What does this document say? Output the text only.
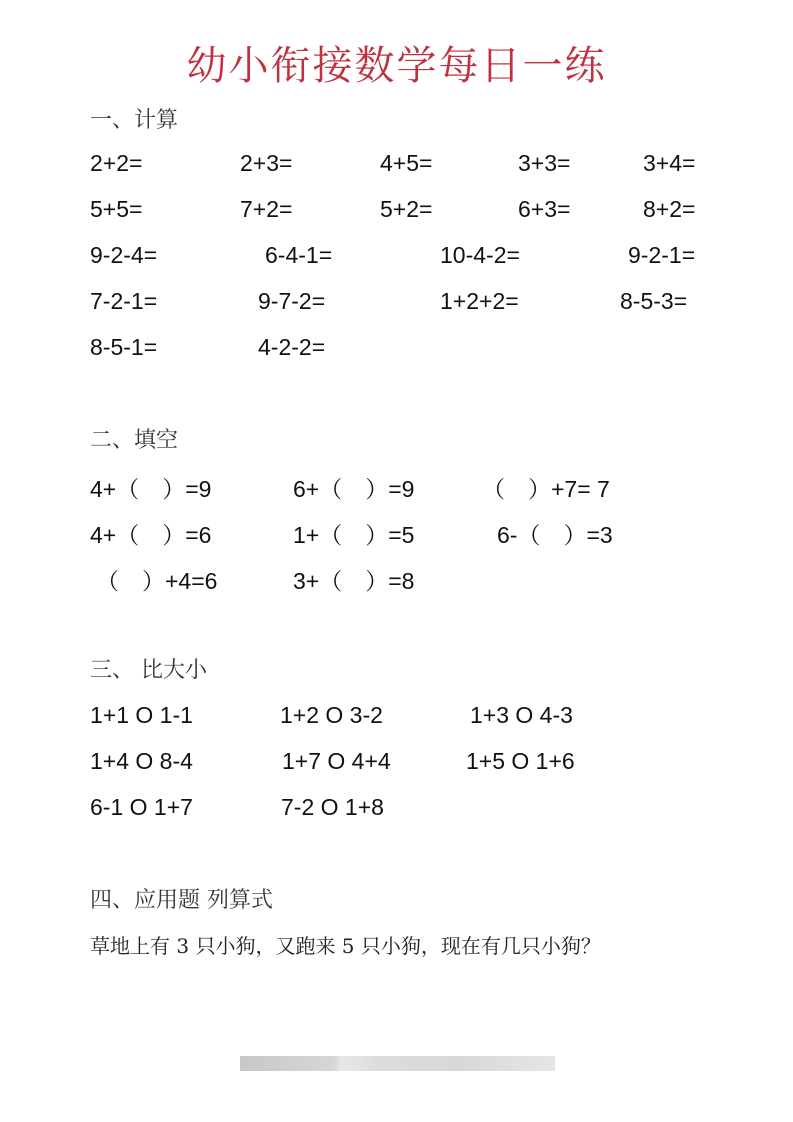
幼小衔接数学每日一练
一、计算
2+2=	2+3=	4+5=	3+3=	3+4=
5+5=	7+2=	5+2=	6+3=	8+2=
9-2-4=	6-4-1=	10-4-2=	9-2-1=
7-2-1=	9-7-2=	1+2+2=	8-5-3=
8-5-1=	4-2-2=
二、填空
4+（　）=9	6+（　）=9	（　）+7= 7
4+（　）=6	1+（　）=5	6-（　）=3
（　）+4=6	3+（　）=8
三、 比大小
1+1 O 1-1	1+2 O 3-2	1+3 O 4-3
1+4 O 8-4	1+7 O 4+4	1+5 O 1+6
6-1 O 1+7	7-2 O 1+8
四、应用题 列算式
草地上有 3 只小狗，又跑来 5 只小狗，现在有几只小狗？
